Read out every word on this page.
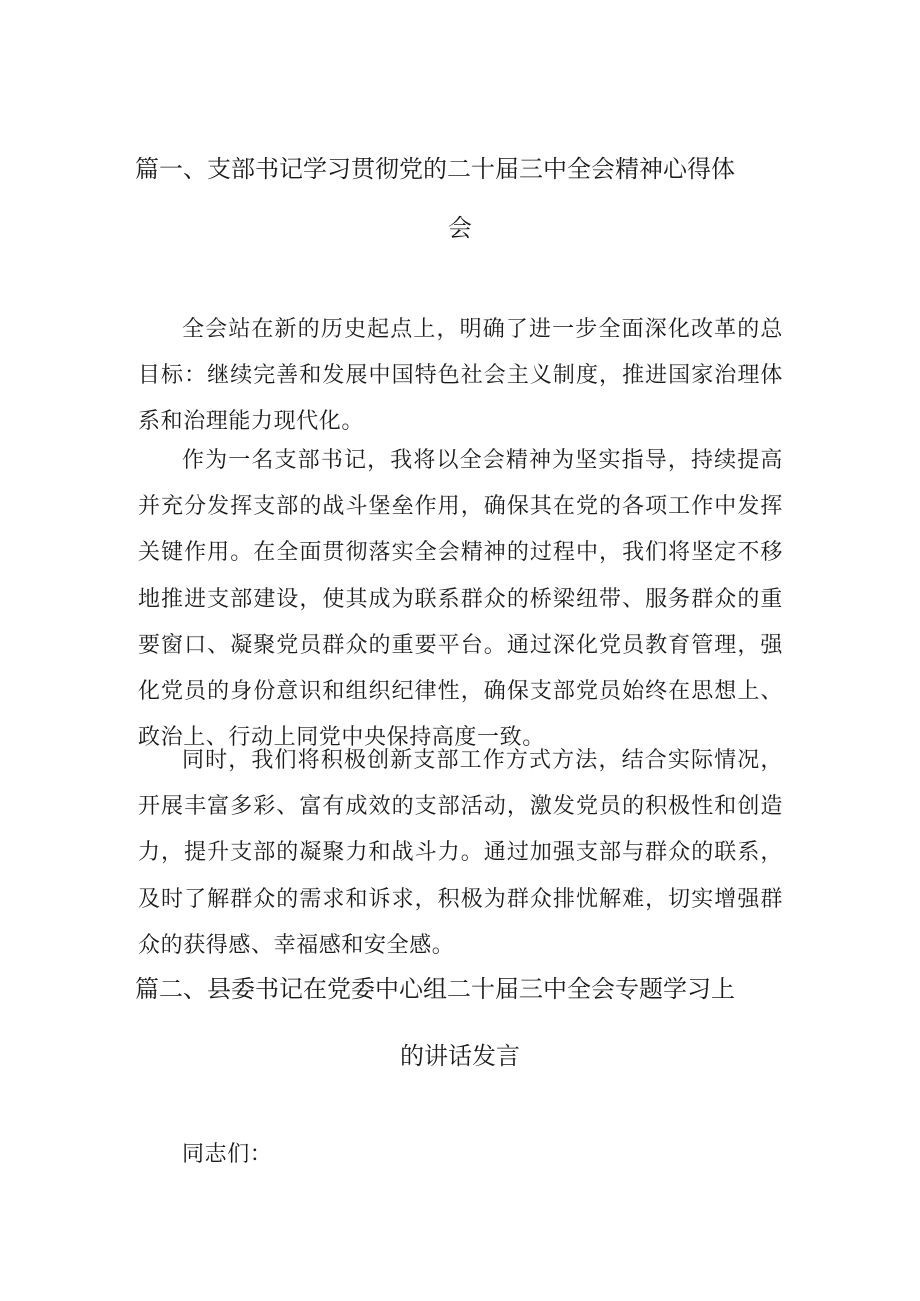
篇一、支部书记学习贯彻党的二十届三中全会精神心得体
会

全会站在新的历史起点上，明确了进一步全面深化改革的总目标：继续完善和发展中国特色社会主义制度，推进国家治理体系和治理能力现代化。

作为一名支部书记，我将以全会精神为坚实指导，持续提高并充分发挥支部的战斗堡垒作用，确保其在党的各项工作中发挥关键作用。在全面贯彻落实全会精神的过程中，我们将坚定不移地推进支部建设，使其成为联系群众的桥梁纽带、服务群众的重要窗口、凝聚党员群众的重要平台。通过深化党员教育管理，强化党员的身份意识和组织纪律性，确保支部党员始终在思想上、政治上、行动上同党中央保持高度一致。

同时，我们将积极创新支部工作方式方法，结合实际情况，开展丰富多彩、富有成效的支部活动，激发党员的积极性和创造力，提升支部的凝聚力和战斗力。通过加强支部与群众的联系，及时了解群众的需求和诉求，积极为群众排忧解难，切实增强群众的获得感、幸福感和安全感。

篇二、县委书记在党委中心组二十届三中全会专题学习上
的讲话发言

同志们：
